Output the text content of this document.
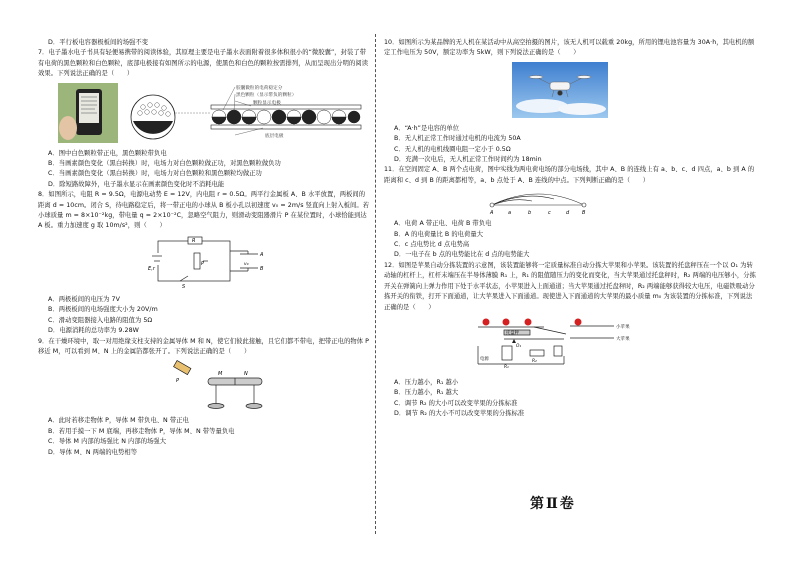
D．平行板电容器极板间的场强不变

7．电子墨水电子书具有轻便易携带的阅读体验，其原理主要是电子墨水表面附着很多体积很小的“微胶囊”，封装了带有电荷的黑色颗粒和白色颗粒，底部电极接有如图所示的电源，使黑色和白色的颗粒按需排列，从而呈现出分明的阅读效果。下列说法正确的是（　　）

胶囊微粒的电荷稳定分
黑色颗粒（显示带负的颗粒）
颗粒显示电极
底层电极

A．图中白色颗粒带正电，黑色颗粒带负电

B．当画素颜色变化（黑白转换）时，电场力对白色颗粒做正功，对黑色颗粒做负功

C．当画素颜色变化（黑白转换）时，电场力对白色颗粒和黑色颗粒均做正功

D．除短路故障外，电子墨水显示在画素颜色变化时不消耗电能

8．如图所示，电阻 R = 9.5Ω，电源电动势 E = 12V，内电阻 r = 0.5Ω。两平行金属板 A、B 水平放置，两板间的距离 d = 10cm。闭合 S，待电路稳定后，将一带正电的小球从 B 板小孔以初速度 v₀ = 2m/s 竖直向上射入板间。若小球质量 m = 8×10⁻²kg，带电量 q = 2×10⁻²C，忽略空气阻力，则滑动变阻器滑片 P 在某位置时，小球恰能到达 A 板。重力加速度 g 取 10m/s²，则（　　）

E,r
R
P
S
A
B
v₀

A．两极板间的电压为 7V

B．两极板间的电场强度大小为 20V/m

C．滑动变阻器接入电路的阻值为 5Ω

D．电源消耗的总功率为 9.28W

9．在干燥环境中，取一对用绝缘支柱支持的金属导体 M 和 N，使它们彼此接触，且它们都不带电，把带正电的物体 P 移近 M，可以看到 M、N 上的金属箔都张开了。下列说法正确的是（　　）

P
M	N

A．此时若移走物体 P，导体 M 带负电、N 带正电

B．若用手摸一下 M 底端，再移走物体 P，导体 M、N 带等量负电

C．导体 M 内部的场强比 N 内部的场强大

D．导体 M、N 两端的电势相等

10．如图所示为某品牌的无人机在某活动中从高空拍摄的图片，该无人机可以载重 20kg，所用的锂电池容量为 30A·h，其电机的额定工作电压为 50V，额定功率为 5kW，则下列说法正确的是（　　）

A．“A·h”是电容的单位

B．无人机正常工作时通过电机的电流为 50A

C．无人机的电机线圈电阻一定小于 0.5Ω

D．充满一次电后，无人机正常工作时间约为 18min

11．在空间固定 A、B 两个点电荷，图中实线为两电荷电场的部分电场线，其中 A、B 的连线上有 a、b、c、d 四点，a、b 到 A 的距离和 c、d 到 B 的距离都相等，a、b 点处于 A、B 连线的中点。下列判断正确的是（　　）

A	a	b	c	d	B

A．电荷 A 带正电、电荷 B 带负电

B．A 的电荷量比 B 的电荷量大

C．c 点电势比 d 点电势高

D．一电子在 b 点的电势能比在 d 点的电势能大

12．如图是苹果自动分拣装置的示意图，该装置能够将一定质量标准自动分拣大苹果和小苹果。该装置的托盘秤压在一个以 O₁ 为转动轴的杠杆上，杠杆末端压在半导体薄膜 R₁ 上，R₁ 的阻值随压力的变化而变化，当大苹果通过托盘秤时，R₂ 两端的电压够小，分拣开关在弹簧向上弹力作用下处于水平状态，小苹果进入上面通道；当大苹果通过托盘秤时，R₂ 两端能够获得较大电压，电磁铁吸动分拣开关的衔铁，打开下面通道，让大苹果进入下面通道。现使进入下面通道的大苹果的最小质量 m₀ 为该装置的分拣标准，下列说法正确的是（　　）

小苹果
大苹果
托盘秤
O₁
R₁
R₂
电源

A．压力越小，R₁ 越小

B．压力越小，R₁ 越大

C．调节 R₂ 的大小可以改变苹果的分拣标准

D．调节 R₂ 的大小不可以改变苹果的分拣标准

第Ⅱ卷
